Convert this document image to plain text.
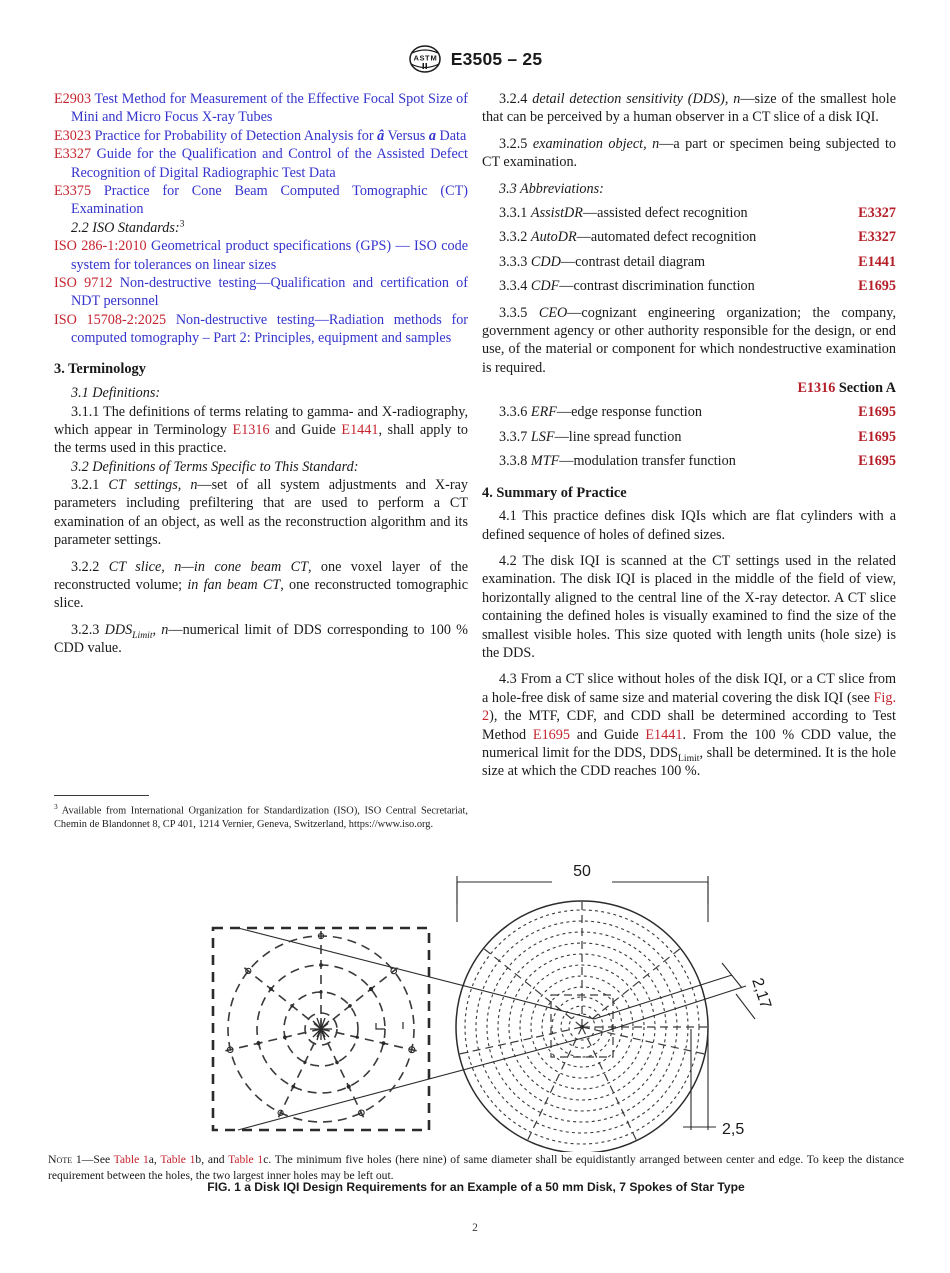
A S T M E3505 – 25

E2903 Test Method for Measurement of the Effective Focal Spot Size of Mini and Micro Focus X-ray Tubes

E3023 Practice for Probability of Detection Analysis for â Versus a Data

E3327 Guide for the Qualification and Control of the Assisted Defect Recognition of Digital Radiographic Test Data

E3375 Practice for Cone Beam Computed Tomographic (CT) Examination

2.2 ISO Standards:$^3$

ISO 286-1:2010 Geometrical product specifications (GPS) — ISO code system for tolerances on linear sizes

ISO 9712 Non-destructive testing—Qualification and certification of NDT personnel

ISO 15708-2:2025 Non-destructive testing—Radiation methods for computed tomography – Part 2: Principles, equipment and samples

3. Terminology

3.1 Definitions:

3.1.1 The definitions of terms relating to gamma- and X-radiography, which appear in Terminology E1316 and Guide E1441, shall apply to the terms used in this practice.

3.2 Definitions of Terms Specific to This Standard:

3.2.1 CT settings, n—set of all system adjustments and X-ray parameters including prefiltering that are used to perform a CT examination of an object, as well as the reconstruction algorithm and its parameter settings.

3.2.2 CT slice, n—in cone beam CT, one voxel layer of the reconstructed volume; in fan beam CT, one reconstructed tomographic slice.

3.2.3 $DDS_{Limit}$, n—numerical limit of DDS corresponding to 100 % CDD value.

$^3$ Available from International Organization for Standardization (ISO), ISO Central Secretariat, Chemin de Blandonnet 8, CP 401, 1214 Vernier, Geneva, Switzerland, https://www.iso.org.

3.2.4 detail detection sensitivity (DDS), n—size of the smallest hole that can be perceived by a human observer in a CT slice of a disk IQI.

3.2.5 examination object, n—a part or specimen being subjected to CT examination.

3.3 Abbreviations:

3.3.1 AssistDR—assisted defect recognition	E3327
3.3.2 AutoDR—automated defect recognition	E3327
3.3.3 CDD—contrast detail diagram	E1441
3.3.4 CDF—contrast discrimination function	E1695

3.3.5 CEO—cognizant engineering organization; the company, government agency or other authority responsible for the design, or end use, of the material or component for which nondestructive examination is required.

E1316 Section A

3.3.6 ERF—edge response function	E1695
3.3.7 LSF—line spread function	E1695
3.3.8 MTF—modulation transfer function	E1695

4. Summary of Practice

4.1 This practice defines disk IQIs which are flat cylinders with a defined sequence of holes of defined sizes.

4.2 The disk IQI is scanned at the CT settings used in the related examination. The disk IQI is placed in the middle of the field of view, horizontally aligned to the central line of the X-ray detector. A CT slice containing the defined holes is visually examined to find the size of the smallest visible holes. This size quoted with length units (hole size) is the DDS.

4.3 From a CT slice without holes of the disk IQI, or a CT slice from a hole-free disk of same size and material covering the disk IQI (see Fig. 2), the MTF, CDF, and CDD shall be determined according to Test Method E1695 and Guide E1441. From the 100 % CDD value, the numerical limit for the DDS, $DDS_{Limit}$, shall be determined. It is the hole size at which the CDD reaches 100 %.

50
2,17
2,5
Note 1—See Table 1a, Table 1b, and Table 1c. The minimum five holes (here nine) of same diameter shall be equidistantly arranged between center and edge. To keep the distance requirement between the holes, the two largest inner holes may be left out.
FIG. 1 a Disk IQI Design Requirements for an Example of a 50 mm Disk, 7 Spokes of Star Type
2
